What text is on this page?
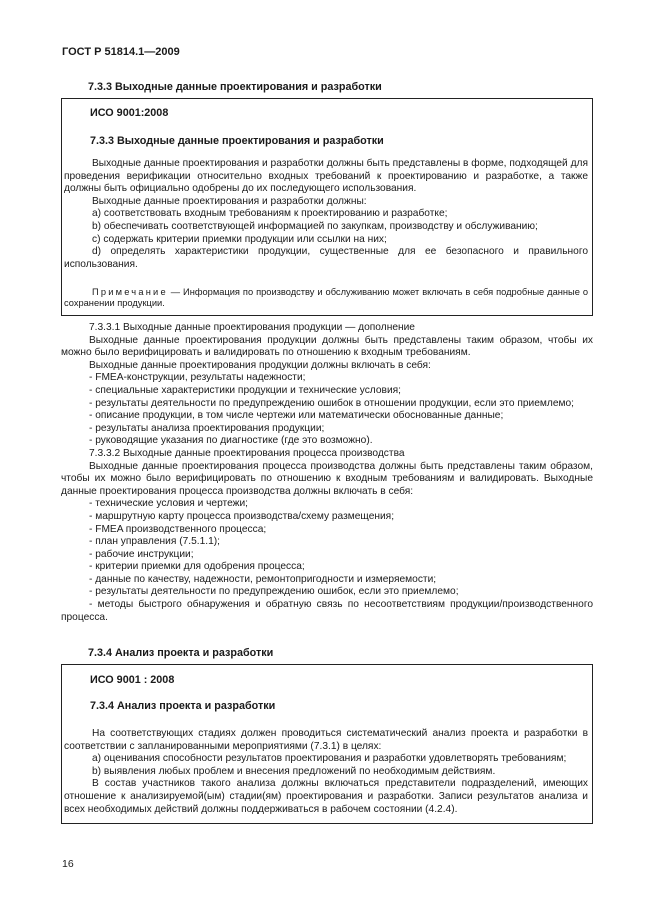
ГОСТ Р 51814.1—2009
7.3.3 Выходные данные проектирования и разработки
ИСО 9001:2008
7.3.3 Выходные данные проектирования и разработки

Выходные данные проектирования и разработки должны быть представлены в форме, подходящей для проведения верификации относительно входных требований к проектированию и разработке, а также должны быть официально одобрены до их последующего использования.

Выходные данные проектирования и разработки должны:

a) соответствовать входным требованиям к проектированию и разработке;

b) обеспечивать соответствующей информацией по закупкам, производству и обслуживанию;

c) содержать критерии приемки продукции или ссылки на них;

d) определять характеристики продукции, существенные для ее безопасного и правильного использования.

Примечание — Информация по производству и обслуживанию может включать в себя подробные данные о сохранении продукции.

7.3.3.1 Выходные данные проектирования продукции — дополнение

Выходные данные проектирования продукции должны быть представлены таким образом, чтобы их можно было верифицировать и валидировать по отношению к входным требованиям.

Выходные данные проектирования продукции должны включать в себя:

- FMEA-конструкции, результаты надежности;

- специальные характеристики продукции и технические условия;

- результаты деятельности по предупреждению ошибок в отношении продукции, если это приемлемо;

- описание продукции, в том числе чертежи или математически обоснованные данные;

- результаты анализа проектирования продукции;

- руководящие указания по диагностике (где это возможно).

7.3.3.2 Выходные данные проектирования процесса производства

Выходные данные проектирования процесса производства должны быть представлены таким образом, чтобы их можно было верифицировать по отношению к входным требованиям и валидировать. Выходные данные проектирования процесса производства должны включать в себя:

- технические условия и чертежи;

- маршрутную карту процесса производства/схему размещения;

- FMEA производственного процесса;

- план управления (7.5.1.1);

- рабочие инструкции;

- критерии приемки для одобрения процесса;

- данные по качеству, надежности, ремонтопригодности и измеряемости;

- результаты деятельности по предупреждению ошибок, если это приемлемо;

- методы быстрого обнаружения и обратную связь по несоответствиям продукции/производственного процесса.

7.3.4 Анализ проекта и разработки
ИСО 9001 : 2008
7.3.4 Анализ проекта и разработки

На соответствующих стадиях должен проводиться систематический анализ проекта и разработки в соответствии с запланированными мероприятиями (7.3.1) в целях:

a) оценивания способности результатов проектирования и разработки удовлетворять требованиям;

b) выявления любых проблем и внесения предложений по необходимым действиям.

В состав участников такого анализа должны включаться представители подразделений, имеющих отношение к анализируемой(ым) стадии(ям) проектирования и разработки. Записи результатов анализа и всех необходимых действий должны поддерживаться в рабочем состоянии (4.2.4).

16
